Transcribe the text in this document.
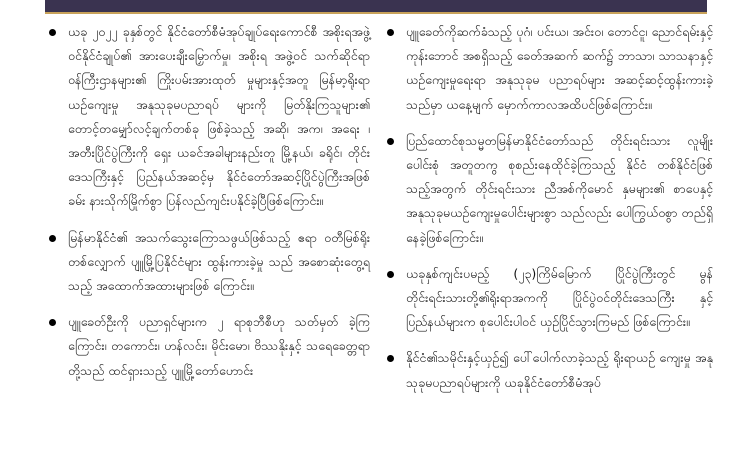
ယခု ၂၀၂၂ ခုနှစ်တွင် နိုင်ငံတော်စီမံအုပ်ချုပ်ရေးကောင်စီ အစိုးရအဖွဲ့ဝင်နိုင်ငံချုပ်၏ အားပေးချီးမြှောက်မှု၊ အစိုးရ အဖွဲ့ဝင် သက်ဆိုင်ရာဝန်ကြီးဌာနများ၏ ကြိုးပမ်းအားထုတ် မှုများနှင့်အတူ မြန်မာ့ရိုးရာယဉ်ကျေးမှု အနုသုခုမပညာရပ် များကို မြတ်နိုးကြသူများ၏ တောင့်တမျှော်လင့်ချက်တစ်ခု ဖြစ်ခဲ့သည့် အဆို၊ အက၊ အရေး ၊ အတီးပြိုင်ပွဲကြီးကို ရှေး ယခင်အခါများနည်းတူ မြို့နယ်၊ ခရိုင်၊ တိုင်းဒေသကြီးနှင့် ပြည်နယ်အဆင့်မှ နိုင်ငံတော်အဆင့်ပြိုင်ပွဲကြီးအဖြစ် ခမ်း နားသိုက်မြိုက်စွာ ပြန်လည်ကျင်းပနိုင်ခဲ့ပြီဖြစ်ကြောင်း။
မြန်မာနိုင်ငံ၏ အသက်သွေးကြောသဖွယ်ဖြစ်သည့် ဧရာ ဝတီမြစ်ရိုးတစ်လျှောက် ပျူမြို့ပြနိုင်ငံများ ထွန်းကားခဲ့မှု သည် အစောဆုံးတွေ့ရသည့် အထောက်အထားများဖြစ် ကြောင်း။
ပျူခေတ်ဦးကို ပညာရှင်များက ၂ ရာစုဘီစီဟု သတ်မှတ် ခဲ့ကြကြောင်း၊ တကောင်း၊ ဟန်လင်း၊ မိုင်းမော၊ ဗိဿနိုးနှင့် သရေခေတ္တရာတို့သည် ထင်ရှားသည့် ပျူမြို့တော်ဟောင်း
ပျူခေတ်ကိုဆက်ခံသည့် ပုဂံ၊ ပင်းယ၊ အင်းဝ၊ တောင်ငူ၊ ညောင်ရမ်းနှင့် ကုန်းဘောင် အစရှိသည့် ခေတ်အဆက် ဆက်၌ ဘာသာ၊ သာသနာနှင့် ယဉ်ကျေးမှုရေးရာ အနုသုခုမ ပညာရပ်များ အဆင့်ဆင့်ထွန်းကားခဲ့သည်မှာ ယနေ့မျက် မှောက်ကာလအထိပင်ဖြစ်ကြောင်း။
ပြည်ထောင်စုသမ္မတမြန်မာနိုင်ငံတော်သည် တိုင်းရင်းသား လူမျိုးပေါင်းစုံ အတူတကွ စုစည်းနေထိုင်ခဲ့ကြသည့် နိုင်ငံ တစ်နိုင်ငံဖြစ်သည့်အတွက် တိုင်းရင်းသား ညီအစ်ကိုမောင် နှမများ၏ စာပေနှင့် အနုသုခုမယဉ်ကျေးမှုပေါင်းများစွာ သည်လည်း ပေါကြွယ်ဝစွာ တည်ရှိနေခဲ့ဖြစ်ကြောင်း။
ယခုနှစ်ကျင်းပမည့် (၂၃)ကြိမ်မြောက် ပြိုင်ပွဲကြီးတွင် မွန် တိုင်းရင်းသားတို့၏ရိုးရာအကကို ပြိုင်ပွဲဝင်တိုင်းဒေသကြီး နှင့် ပြည်နယ်များက စုပေါင်းပါဝင် ယှဉ်ပြိုင်သွားကြမည် ဖြစ်ကြောင်း။
နိုင်ငံ၏သမိုင်းနှင့်ယှဉ်၍ ပေါ်ပေါက်လာခဲ့သည့် ရိုးရာယဉ် ကျေးမှု အနုသုခုမပညာရပ်များကို ယခုနိုင်ငံတော်စီမံအုပ်
